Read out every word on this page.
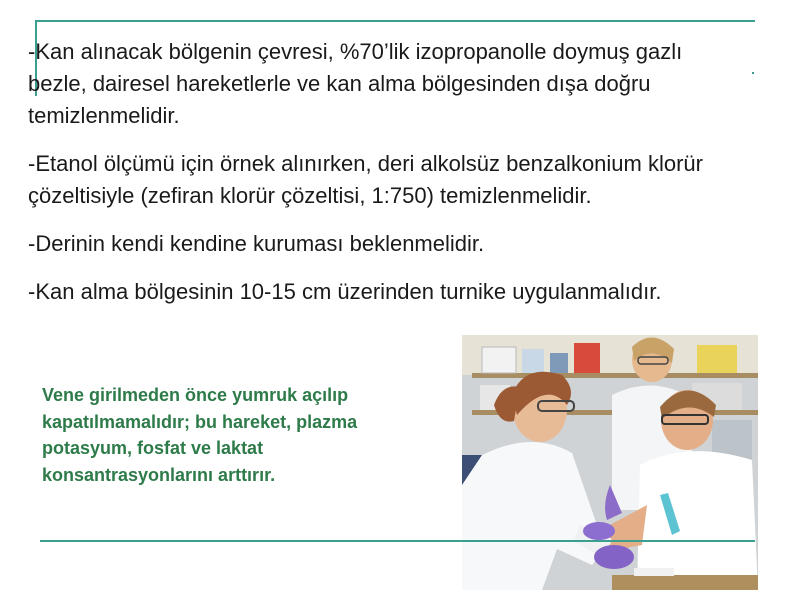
-Kan alınacak bölgenin çevresi, %70’lik izopropanolle doymuş gazlı bezle, dairesel hareketlerle ve kan alma bölgesinden dışa doğru temizlenmelidir.

-Etanol ölçümü için örnek alınırken, deri alkolsüz benzalkonium klorür çözeltisiyle (zefiran klorür çözeltisi, 1:750) temizlenmelidir.

-Derinin kendi kendine kuruması beklenmelidir.

-Kan alma bölgesinin 10-15 cm üzerinden turnike uygulanmalıdır.

Vene girilmeden önce yumruk açılıp kapatılmamalıdır; bu hareket, plazma potasyum, fosfat ve laktat konsantrasyonlarını arttırır.
